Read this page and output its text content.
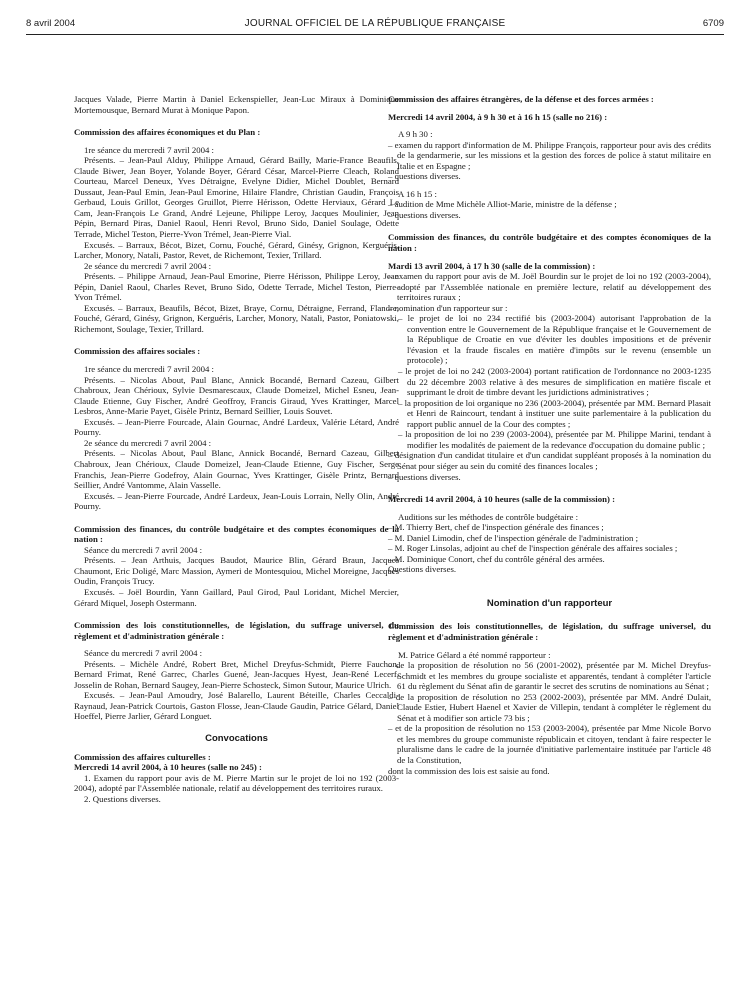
8 avril 2004	JOURNAL OFFICIEL DE LA RÉPUBLIQUE FRANÇAISE	6709

Jacques Valade, Pierre Martin à Daniel Eckenspieller, Jean-Luc Miraux à Dominique Mortemousque, Bernard Murat à Monique Papon.

Commission des affaires économiques et du Plan :

1re séance du mercredi 7 avril 2004 :

Présents. – Jean-Paul Alduy, Philippe Arnaud, Gérard Bailly, Marie-France Beaufils, Claude Biwer, Jean Boyer, Yolande Boyer, Gérard César, Marcel-Pierre Cleach, Roland Courteau, Marcel Deneux, Yves Détraigne, Evelyne Didier, Michel Doublet, Bernard Dussaut, Jean-Paul Emin, Jean-Paul Emorine, Hilaire Flandre, Christian Gaudin, François Gerbaud, Louis Grillot, Georges Gruillot, Pierre Hérisson, Odette Herviaux, Gérard Le Cam, Jean-François Le Grand, André Lejeune, Philippe Leroy, Jacques Moulinier, Jean Pépin, Bernard Piras, Daniel Raoul, Henri Revol, Bruno Sido, Daniel Soulage, Odette Terrade, Michel Teston, Pierre-Yvon Trémel, Jean-Pierre Vial.

Excusés. – Barraux, Bécot, Bizet, Cornu, Fouché, Gérard, Ginésy, Grignon, Kerguéris, Larcher, Monory, Natali, Pastor, Revet, de Richemont, Texier, Trillard.

2e séance du mercredi 7 avril 2004 :

Présents. – Philippe Arnaud, Jean-Paul Emorine, Pierre Hérisson, Philippe Leroy, Jean Pépin, Daniel Raoul, Charles Revet, Bruno Sido, Odette Terrade, Michel Teston, Pierre-Yvon Trémel.

Excusés. – Barraux, Beaufils, Bécot, Bizet, Braye, Cornu, Détraigne, Ferrand, Flandre, Fouché, Gérard, Ginésy, Grignon, Kerguéris, Larcher, Monory, Natali, Pastor, Poniatowski, Richemont, Soulage, Texier, Trillard.

Commission des affaires sociales :

1re séance du mercredi 7 avril 2004 :

Présents. – Nicolas About, Paul Blanc, Annick Bocandé, Bernard Cazeau, Gilbert Chabroux, Jean Chérioux, Sylvie Desmarescaux, Claude Domeizel, Michel Esneu, Jean-Claude Etienne, Guy Fischer, André Geoffroy, Francis Giraud, Yves Krattinger, Marcel Lesbros, Anne-Marie Payet, Gisèle Printz, Bernard Seillier, Louis Souvet.

Excusés. – Jean-Pierre Fourcade, Alain Gournac, André Lardeux, Valérie Létard, André Pourny.

2e séance du mercredi 7 avril 2004 :

Présents. – Nicolas About, Paul Blanc, Annick Bocandé, Bernard Cazeau, Gilbert Chabroux, Jean Chérioux, Claude Domeizel, Jean-Claude Etienne, Guy Fischer, Serge Franchis, Jean-Pierre Godefroy, Alain Gournac, Yves Krattinger, Gisèle Printz, Bernard Seillier, André Vantomme, Alain Vasselle.

Excusés. – Jean-Pierre Fourcade, André Lardeux, Jean-Louis Lorrain, Nelly Olin, André Pourny.

Commission des finances, du contrôle budgétaire et des comptes économiques de la nation :

Séance du mercredi 7 avril 2004 :

Présents. – Jean Arthuis, Jacques Baudot, Maurice Blin, Gérard Braun, Jacques Chaumont, Eric Doligé, Marc Massion, Aymeri de Montesquiou, Michel Moreigne, Jacques Oudin, François Trucy.

Excusés. – Joël Bourdin, Yann Gaillard, Paul Girod, Paul Loridant, Michel Mercier, Gérard Miquel, Joseph Ostermann.

Commission des lois constitutionnelles, de législation, du suffrage universel, du règlement et d'administration générale :

Séance du mercredi 7 avril 2004 :

Présents. – Michèle André, Robert Bret, Michel Dreyfus-Schmidt, Pierre Fauchon, Bernard Frimat, René Garrec, Charles Guené, Jean-Jacques Hyest, Jean-René Lecerf, Josselin de Rohan, Bernard Saugey, Jean-Pierre Schosteck, Simon Sutour, Maurice Ulrich.

Excusés. – Jean-Paul Amoudry, José Balarello, Laurent Béteille, Charles Ceccaldi-Raynaud, Jean-Patrick Courtois, Gaston Flosse, Jean-Claude Gaudin, Patrice Gélard, Daniel Hoeffel, Pierre Jarlier, Gérard Longuet.

Convocations

Commission des affaires culturelles :

Mercredi 14 avril 2004, à 10 heures (salle no 245) :

1. Examen du rapport pour avis de M. Pierre Martin sur le projet de loi no 192 (2003-2004), adopté par l'Assemblée nationale, relatif au développement des territoires ruraux.

2. Questions diverses.

Commission des affaires étrangères, de la défense et des forces armées :

Mercredi 14 avril 2004, à 9 h 30 et à 16 h 15 (salle no 216) :

A 9 h 30 :

– examen du rapport d'information de M. Philippe François, rapporteur pour avis des crédits de la gendarmerie, sur les missions et la gestion des forces de police à statut militaire en Italie et en Espagne ;

– questions diverses.

A 16 h 15 :

– audition de Mme Michèle Alliot-Marie, ministre de la défense ;

– questions diverses.

Commission des finances, du contrôle budgétaire et des comptes économiques de la nation :

Mardi 13 avril 2004, à 17 h 30 (salle de la commission) :

– examen du rapport pour avis de M. Joël Bourdin sur le projet de loi no 192 (2003-2004), adopté par l'Assemblée nationale en première lecture, relatif au développement des territoires ruraux ;

– nomination d'un rapporteur sur :

– le projet de loi no 234 rectifié bis (2003-2004) autorisant l'approbation de la convention entre le Gouvernement de la République française et le Gouvernement de la République de Croatie en vue d'éviter les doubles impositions et de prévenir l'évasion et la fraude fiscales en matière d'impôts sur le revenu (ensemble un protocole) ;

– le projet de loi no 242 (2003-2004) portant ratification de l'ordonnance no 2003-1235 du 22 décembre 2003 relative à des mesures de simplification en matière fiscale et supprimant le droit de timbre devant les juridictions administratives ;

– la proposition de loi organique no 236 (2003-2004), présentée par MM. Bernard Plasait et Henri de Raincourt, tendant à instituer une suite parlementaire à la publication du rapport public annuel de la Cour des comptes ;

– la proposition de loi no 239 (2003-2004), présentée par M. Philippe Marini, tendant à modifier les modalités de paiement de la redevance d'occupation du domaine public ;

– désignation d'un candidat titulaire et d'un candidat suppléant proposés à la nomination du Sénat pour siéger au sein du comité des finances locales ;

– questions diverses.

Mercredi 14 avril 2004, à 10 heures (salle de la commission) :

Auditions sur les méthodes de contrôle budgétaire :

– M. Thierry Bert, chef de l'inspection générale des finances ;

– M. Daniel Limodin, chef de l'inspection générale de l'administration ;

– M. Roger Linsolas, adjoint au chef de l'inspection générale des affaires sociales ;

– M. Dominique Conort, chef du contrôle général des armées.

Questions diverses.

Nomination d'un rapporteur

Commission des lois constitutionnelles, de législation, du suffrage universel, du règlement et d'administration générale :

M. Patrice Gélard a été nommé rapporteur :

– de la proposition de résolution no 56 (2001-2002), présentée par M. Michel Dreyfus-Schmidt et les membres du groupe socialiste et apparentés, tendant à compléter l'article 61 du règlement du Sénat afin de garantir le secret des scrutins de nominations au Sénat ;

– de la proposition de résolution no 253 (2002-2003), présentée par MM. André Dulait, Claude Estier, Hubert Haenel et Xavier de Villepin, tendant à compléter le règlement du Sénat et à modifier son article 73 bis ;

– et de la proposition de résolution no 153 (2003-2004), présentée par Mme Nicole Borvo et les membres du groupe communiste républicain et citoyen, tendant à faire respecter le pluralisme dans le cadre de la journée d'initiative parlementaire instituée par l'article 48 de la Constitution,

dont la commission des lois est saisie au fond.
